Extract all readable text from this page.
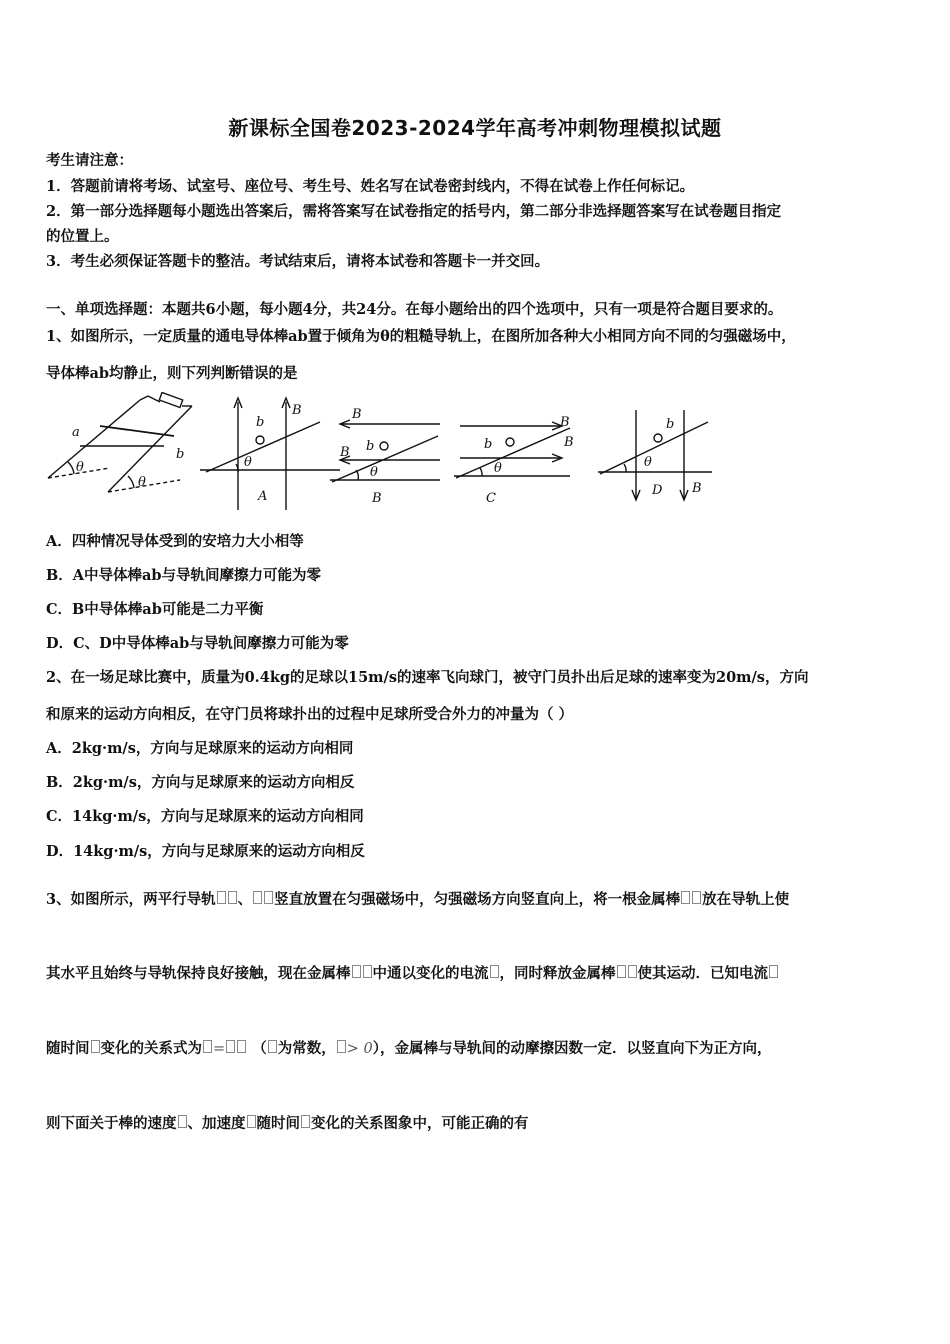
新课标全国卷2023-2024学年高考冲刺物理模拟试题
考生请注意：
1．答题前请将考场、试室号、座位号、考生号、姓名写在试卷密封线内，不得在试卷上作任何标记。
2．第一部分选择题每小题选出答案后，需将答案写在试卷指定的括号内，第二部分非选择题答案写在试卷题目指定
的位置上。
3．考生必须保证答题卡的整洁。考试结束后，请将本试卷和答题卡一并交回。
一、单项选择题：本题共6小题，每小题4分，共24分。在每小题给出的四个选项中，只有一项是符合题目要求的。
1、如图所示，一定质量的通电导体棒ab置于倾角为θ的粗糙导轨上，在图所加各种大小相同方向不同的匀强磁场中，
导体棒ab均静止，则下列判断错误的是
a
b
θ
θ
b
B
θ
A
B
b
B
θ
B
b	B
B
θ
C
b
θ
D B
A．四种情况导体受到的安培力大小相等
B．A中导体棒ab与导轨间摩擦力可能为零
C．B中导体棒ab可能是二力平衡
D．C、D中导体棒ab与导轨间摩擦力可能为零
2、在一场足球比赛中，质量为0.4kg的足球以15m/s的速率飞向球门，被守门员扑出后足球的速率变为20m/s，方向
和原来的运动方向相反，在守门员将球扑出的过程中足球所受合外力的冲量为（ ）
A．2kg·m/s，方向与足球原来的运动方向相同
B．2kg·m/s，方向与足球原来的运动方向相反
C．14kg·m/s，方向与足球原来的运动方向相同
D．14kg·m/s，方向与足球原来的运动方向相反
3、如图所示，两平行导轨 、 竖直放置在匀强磁场中，匀强磁场方向竖直向上，将一根金属棒 放在导轨上使
其水平且始终与导轨保持良好接触，现在金属棒 中通以变化的电流 ，同时释放金属棒 使其运动．已知电流
随时间 变化的关系式为 = （ 为常数， > 0），金属棒与导轨间的动摩擦因数一定．以竖直向下为正方向，
则下面关于棒的速度 、加速度 随时间 变化的关系图象中，可能正确的有
